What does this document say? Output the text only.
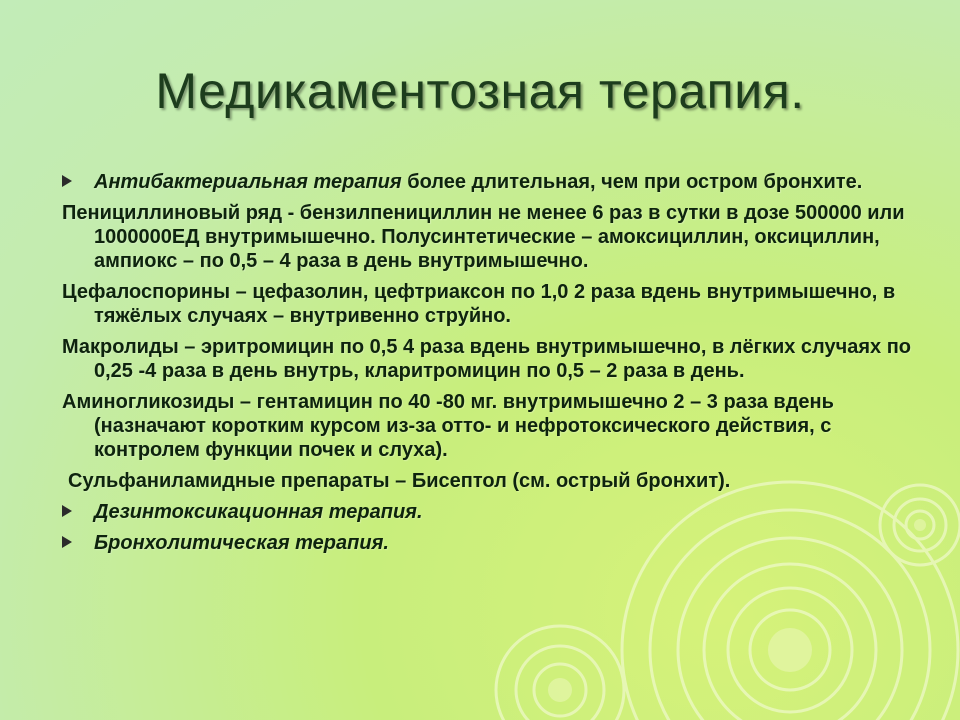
Медикаментозная терапия.

Антибактериальная терапия более длительная, чем при остром бронхите.

Пенициллиновый ряд - бензилпенициллин не менее 6 раз в сутки в дозе 500000 или 1000000ЕД внутримышечно. Полусинтетические – амоксициллин, оксициллин, ампиокс – по 0,5 – 4 раза в день внутримышечно.

Цефалоспорины – цефазолин, цефтриаксон по 1,0 2 раза вдень внутримышечно, в тяжёлых случаях – внутривенно струйно.

Макролиды – эритромицин по 0,5 4 раза вдень внутримышечно, в лёгких случаях по 0,25 -4 раза в день внутрь, кларитромицин по 0,5 – 2 раза в день.

Аминогликозиды – гентамицин по 40 -80 мг. внутримышечно 2 – 3 раза вдень (назначают коротким курсом из-за отто- и нефротоксического действия, с контролем функции почек и слуха).

Сульфаниламидные препараты – Бисептол (см. острый бронхит).

Дезинтоксикационная терапия.

Бронхолитическая терапия.
